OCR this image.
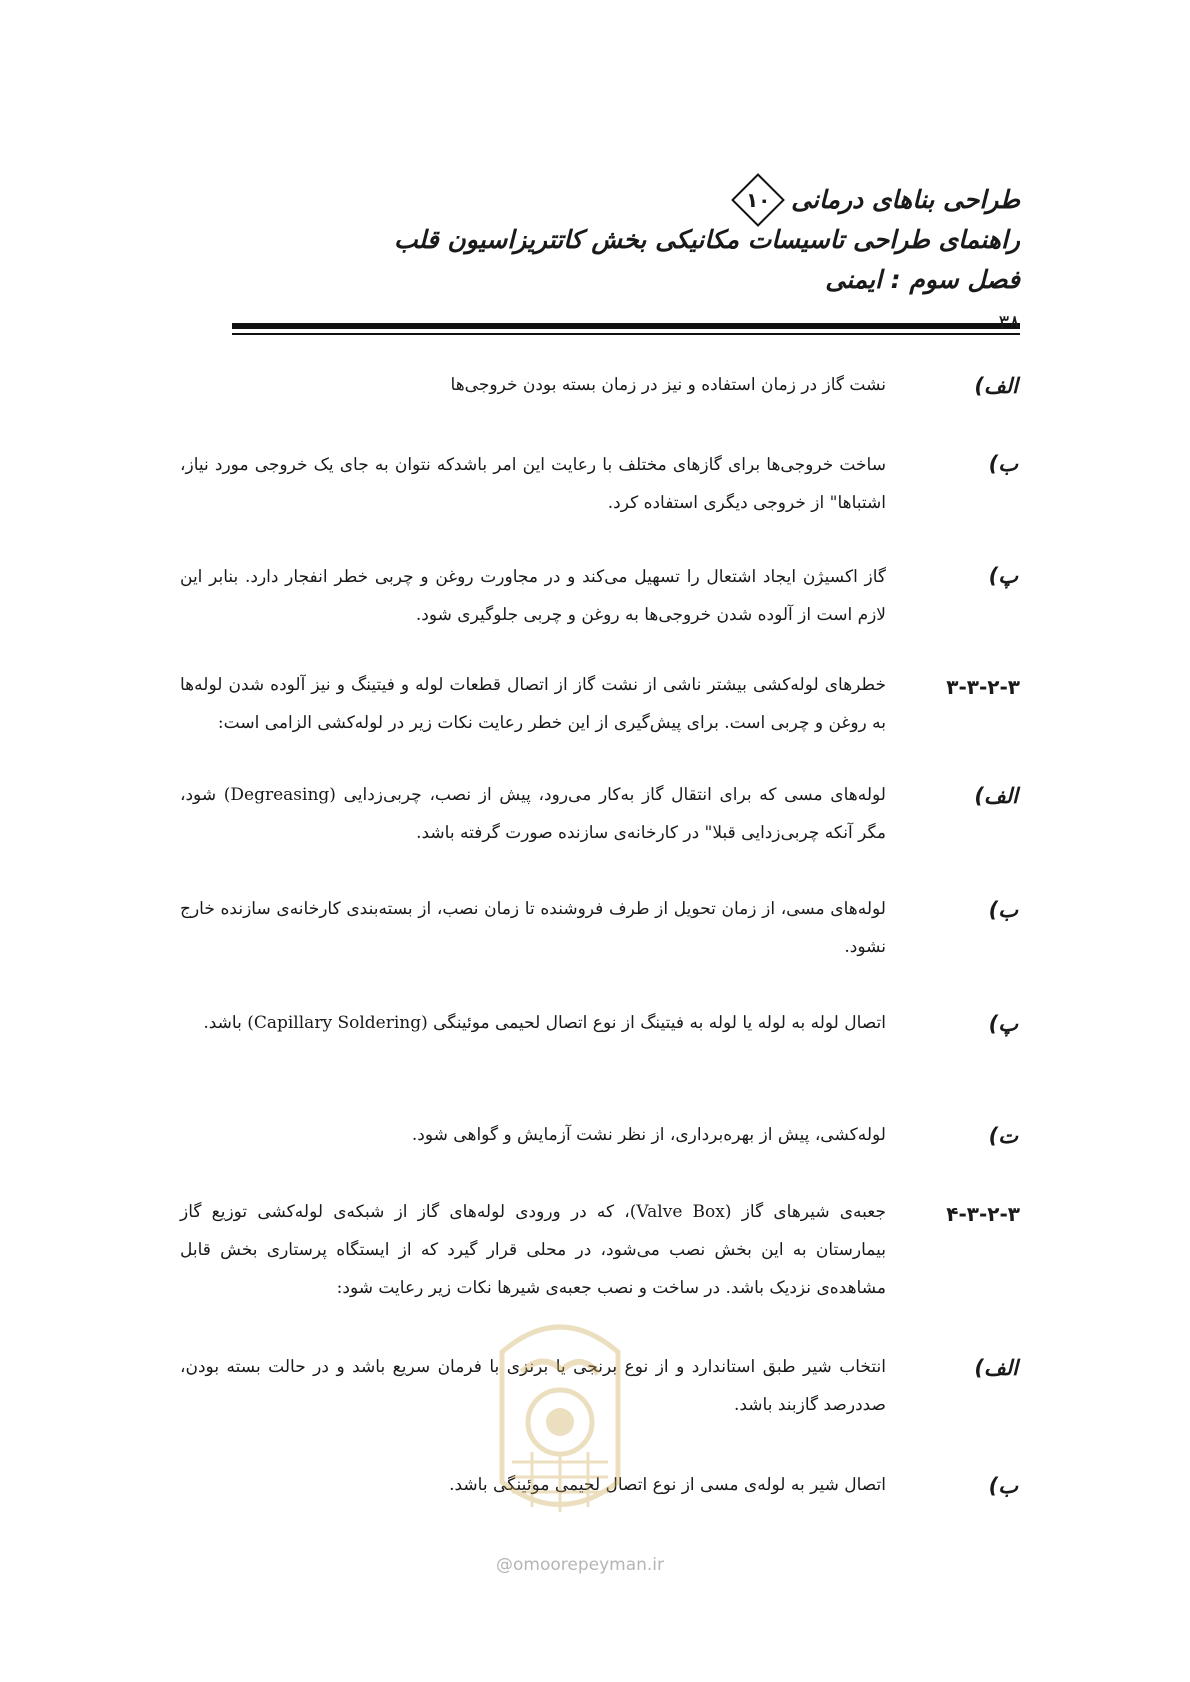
طراحی بناهای درمانی
۱۰
راهنمای طراحی تاسیسات مکانیکی بخش کاتتریزاسیون قلب
فصل سوم : ایمنی
۳۸
الف)
نشت گاز در زمان استفاده و نیز در زمان بسته بودن خروجی‌ها
ب)
ساخت خروجی‌ها برای گازهای مختلف با رعایت این امر باشدکه نتوان به جای یک خروجی مورد نیاز، اشتباها" از خروجی دیگری استفاده کرد.
پ)
گاز اکسیژن ایجاد اشتعال را تسهیل می‌کند و در مجاورت روغن و چربی خطر انفجار دارد. بنابر این لازم است از آلوده شدن خروجی‌ها به روغن و چربی جلوگیری شود.
۳-۳-۲-۳
خطرهای لوله‌کشی بیشتر ناشی از نشت گاز از اتصال قطعات لوله و فیتینگ و نیز آلوده شدن لوله‌ها به روغن و چربی است. برای پیش‌گیری از این خطر رعایت نکات زیر در لوله‌کشی الزامی است:
الف)
لوله‌های مسی که برای انتقال گاز به‌کار می‌رود، پیش از نصب، چربی‌زدایی (Degreasing) شود، مگر آنکه چربی‌زدایی قبلا" در کارخانه‌ی سازنده صورت گرفته باشد.
ب)
لوله‌های مسی، از زمان تحویل از طرف فروشنده تا زمان نصب، از بسته‌بندی کارخانه‌ی سازنده خارج نشود.
پ)
اتصال لوله به لوله یا لوله به فیتینگ از نوع اتصال لحیمی موئینگی (Capillary Soldering) باشد.
ت)
لوله‌کشی، پیش از بهره‌برداری، از نظر نشت آزمایش و گواهی شود.
۴-۳-۲-۳
جعبه‌ی شیرهای گاز (Valve Box)، که در ورودی لوله‌های گاز از شبکه‌ی لوله‌کشی توزیع گاز بیمارستان به این بخش نصب می‌شود، در محلی قرار گیرد که از ایستگاه پرستاری بخش قابل مشاهده‌ی نزدیک باشد. در ساخت و نصب جعبه‌ی شیرها نکات زیر رعایت شود:
الف)
انتخاب شیر طبق استاندارد و از نوع برنجی یا برنزی با فرمان سریع باشد و در حالت بسته بودن، صددرصد گازبند باشد.
ب)
اتصال شیر به لوله‌ی مسی از نوع اتصال لحیمی موئینگی باشد.
@omoorepeyman.ir
